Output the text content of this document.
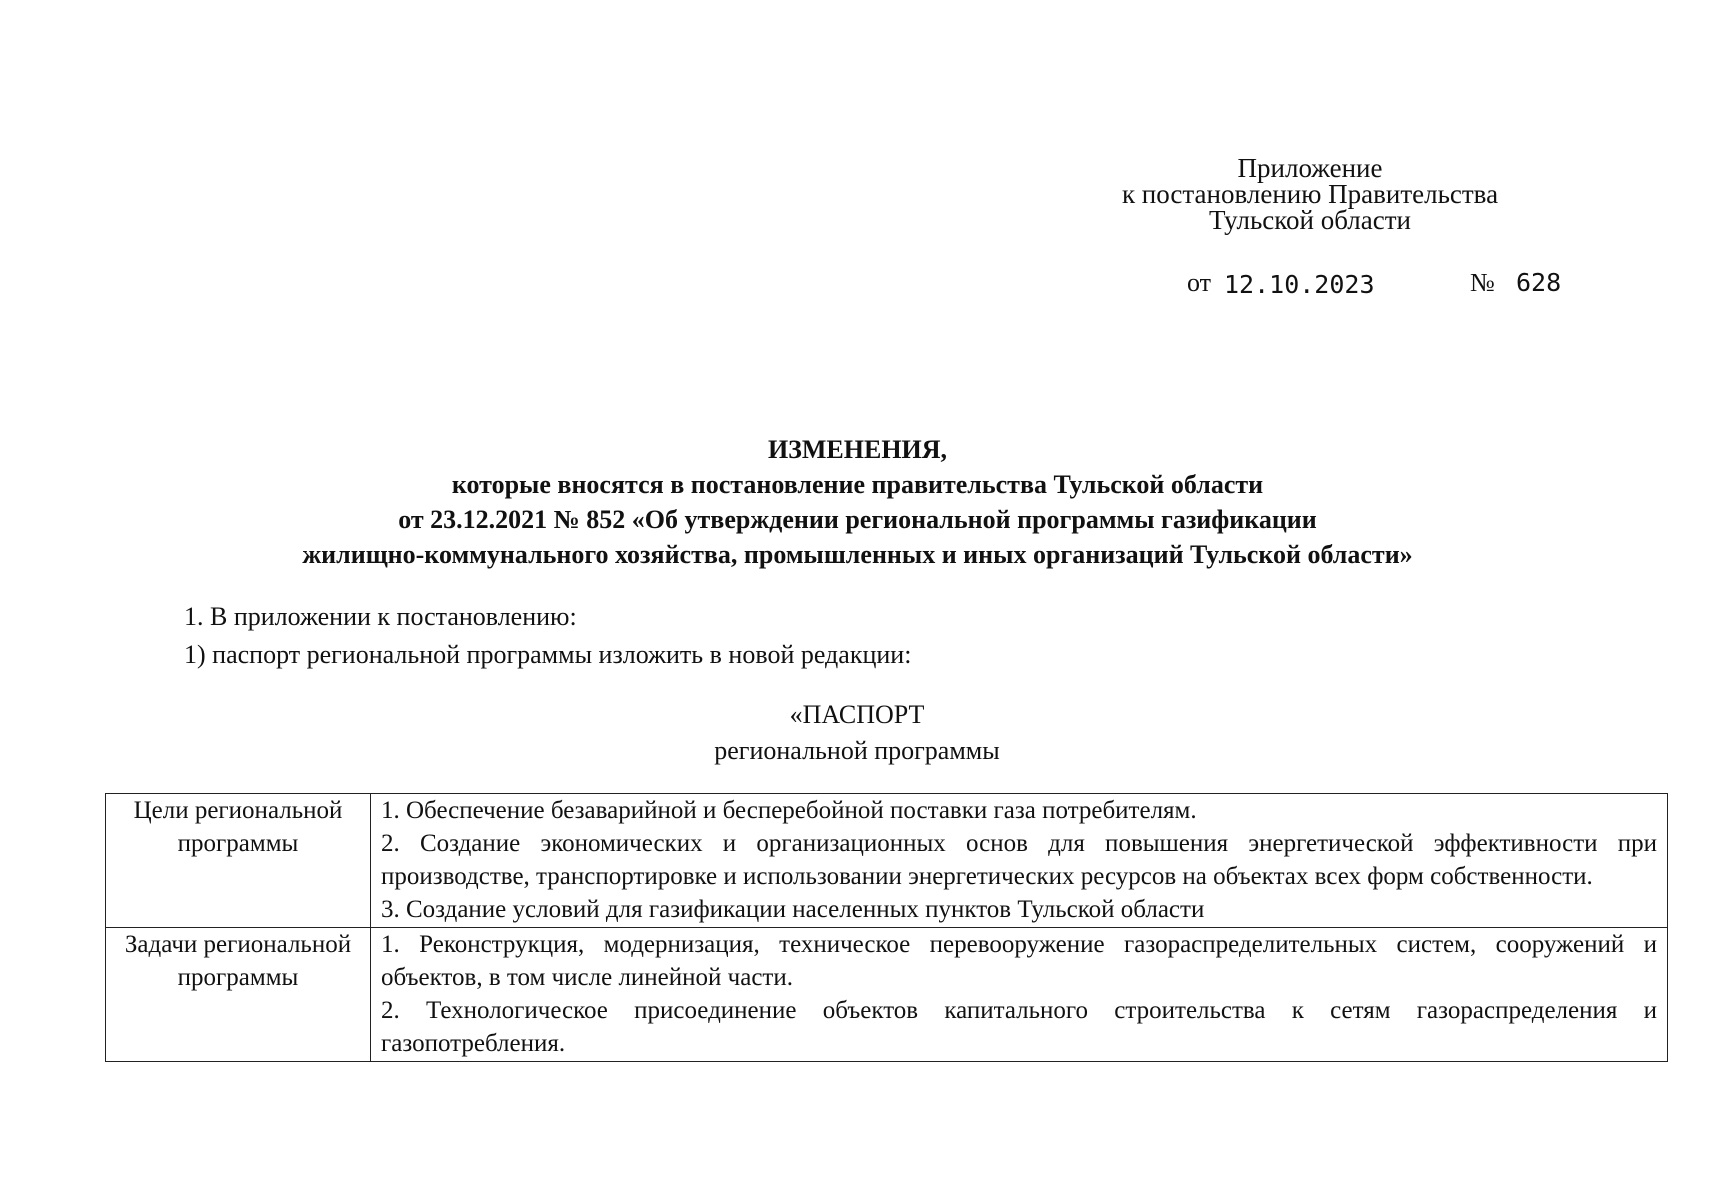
Приложение
к постановлению Правительства
Тульской области
от 12.10.2023	№ 628
ИЗМЕНЕНИЯ,
которые вносятся в постановление правительства Тульской области
от 23.12.2021 № 852 «Об утверждении региональной программы газификации
жилищно-коммунального хозяйства, промышленных и иных организаций Тульской области»
1. В приложении к постановлению:
1) паспорт региональной программы изложить в новой редакции:
«ПАСПОРТ
региональной программы
Цели региональной программы	1. Обеспечение безаварийной и бесперебойной поставки газа потребителям.
2. Создание экономических и организационных основ для повышения энергетической эффективности при производстве, транспортировке и использовании энергетических ресурсов на объектах всех форм собственности.
3. Создание условий для газификации населенных пунктов Тульской области

Задачи региональной программы	1. Реконструкция, модернизация, техническое перевооружение газораспределительных систем, сооружений и объектов, в том числе линейной части.
2. Технологическое присоединение объектов капитального строительства к сетям газораспределения и газопотребления.
